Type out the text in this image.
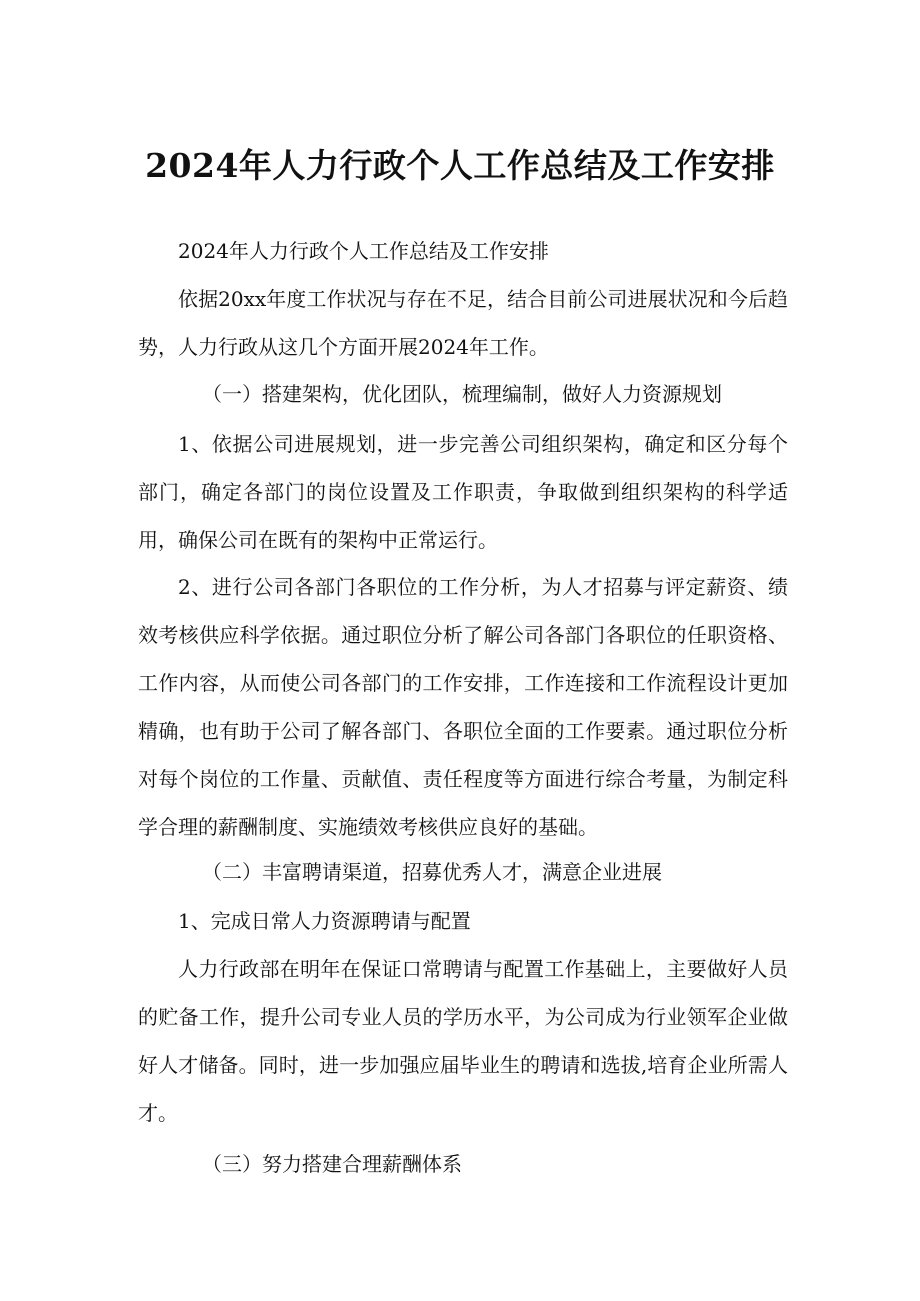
2024年人力行政个人工作总结及工作安排

2024年人力行政个人工作总结及工作安排

依据20xx年度工作状况与存在不足，结合目前公司进展状况和今后趋势，人力行政从这几个方面开展2024年工作。

（一）搭建架构，优化团队，梳理编制，做好人力资源规划

1、依据公司进展规划，进一步完善公司组织架构，确定和区分每个部门，确定各部门的岗位设置及工作职责，争取做到组织架构的科学适用，确保公司在既有的架构中正常运行。

2、进行公司各部门各职位的工作分析，为人才招募与评定薪资、绩效考核供应科学依据。通过职位分析了解公司各部门各职位的任职资格、工作内容，从而使公司各部门的工作安排，工作连接和工作流程设计更加精确，也有助于公司了解各部门、各职位全面的工作要素。通过职位分析对每个岗位的工作量、贡献值、责任程度等方面进行综合考量，为制定科学合理的薪酬制度、实施绩效考核供应良好的基础。

（二）丰富聘请渠道，招募优秀人才，满意企业进展

1、完成日常人力资源聘请与配置

人力行政部在明年在保证口常聘请与配置工作基础上，主要做好人员的贮备工作，提升公司专业人员的学历水平，为公司成为行业领军企业做好人才储备。同时，进一步加强应届毕业生的聘请和选拔,培育企业所需人才。

（三）努力搭建合理薪酬体系
